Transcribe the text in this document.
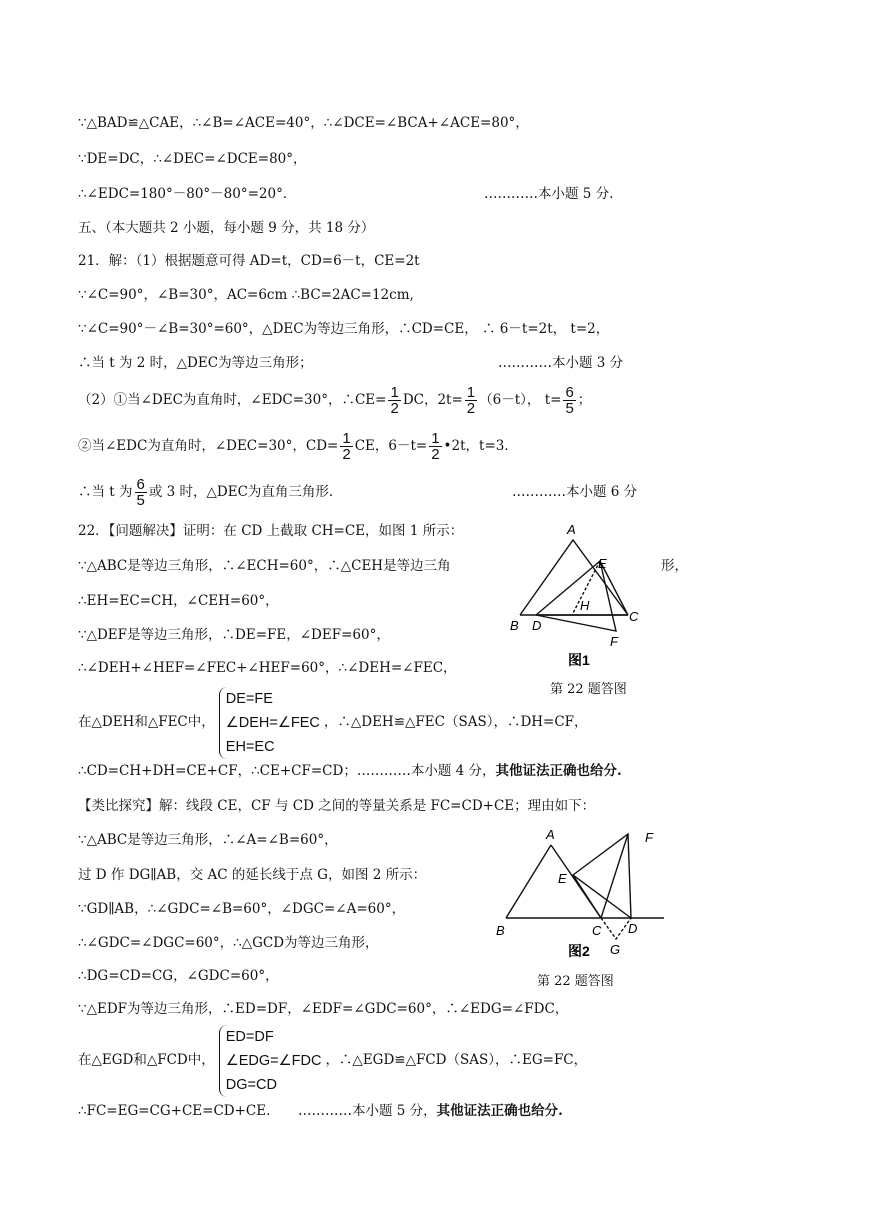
∵△BAD≌△CAE，∴∠B=∠ACE=40°，∴∠DCE=∠BCA+∠ACE=80°，
∵DE=DC，∴∠DEC=∠DCE=80°，
∴∠EDC=180°－80°－80°=20°．	…………本小题 5 分.
五、（本大题共 2 小题，每小题 9 分，共 18 分）
21．解：（1）根据题意可得 AD=t，CD=6－t，CE=2t
∵∠C=90°，∠B=30°，AC=6cm ∴BC=2AC=12cm,
∵∠C=90°－∠B=30°=60°，△DEC为等边三角形，∴CD=CE， ∴ 6－t=2t， t=2，
∴当 t 为 2 时，△DEC为等边三角形；	…………本小题 3 分
（2）①当∠DEC为直角时，∠EDC=30°，∴CE= $\frac{1}{2}$ DC，$2t= \frac{1}{2} (6-t)$， $t= \frac{6}{5}$ ；
②当∠EDC为直角时，∠DEC=30°，$CD= \frac{1}{2}$ CE，$6-t= \frac{1}{2}$ •2t，t=3．
∴当 t 为 $\frac{6}{5}$ 或 3 时，△DEC为直角三角形.	…………本小题 6 分
22．【问题解决】证明：在 CD 上截取 CH=CE，如图 1 所示：
∵△ABC是等边三角形，∴∠ECH=60°，∴△CEH是等边三角	形，
∴EH=EC=CH，∠CEH=60°，
∵△DEF是等边三角形，∴DE=FE，∠DEF=60°，
∴∠DEH+∠HEF=∠FEC+∠HEF=60°，∴∠DEH=∠FEC，
在△DEH和△FEC中，
DE=FE
∠DEH=∠FEC
EH=EC
，∴△DEH≌△FEC（SAS），∴DH=CF，
∴CD=CH+DH=CE+CF，∴CE+CF=CD；…………本小题 4 分，其他证法正确也给分.
【类比探究】解：线段 CE，CF 与 CD 之间的等量关系是 FC=CD+CE；理由如下：
∵△ABC是等边三角形，∴∠A=∠B=60°，
过 D 作 DG∥AB，交 AC 的延长线于点 G，如图 2 所示：
∵GD∥AB，∴∠GDC=∠B=60°，∠DGC=∠A=60°，
∴∠GDC=∠DGC=60°，∴△GCD为等边三角形，
∴DG=CD=CG，∠GDC=60°，
∵△EDF为等边三角形，∴ED=DF，∠EDF=∠GDC=60°，∴∠EDG=∠FDC，
在△EGD和△FCD中，
ED=DF
∠EDG=∠FDC
DG=CD
，∴△EGD≌△FCD（SAS），∴EG=FC，
∴FC=EG=CG+CE=CD+CE. …………本小题 5 分，其他证法正确也给分.
A
B
C
D
E
F
H
图1
第 22 题答图
A
B	C D
E
F
G
图2
第 22 题答图
